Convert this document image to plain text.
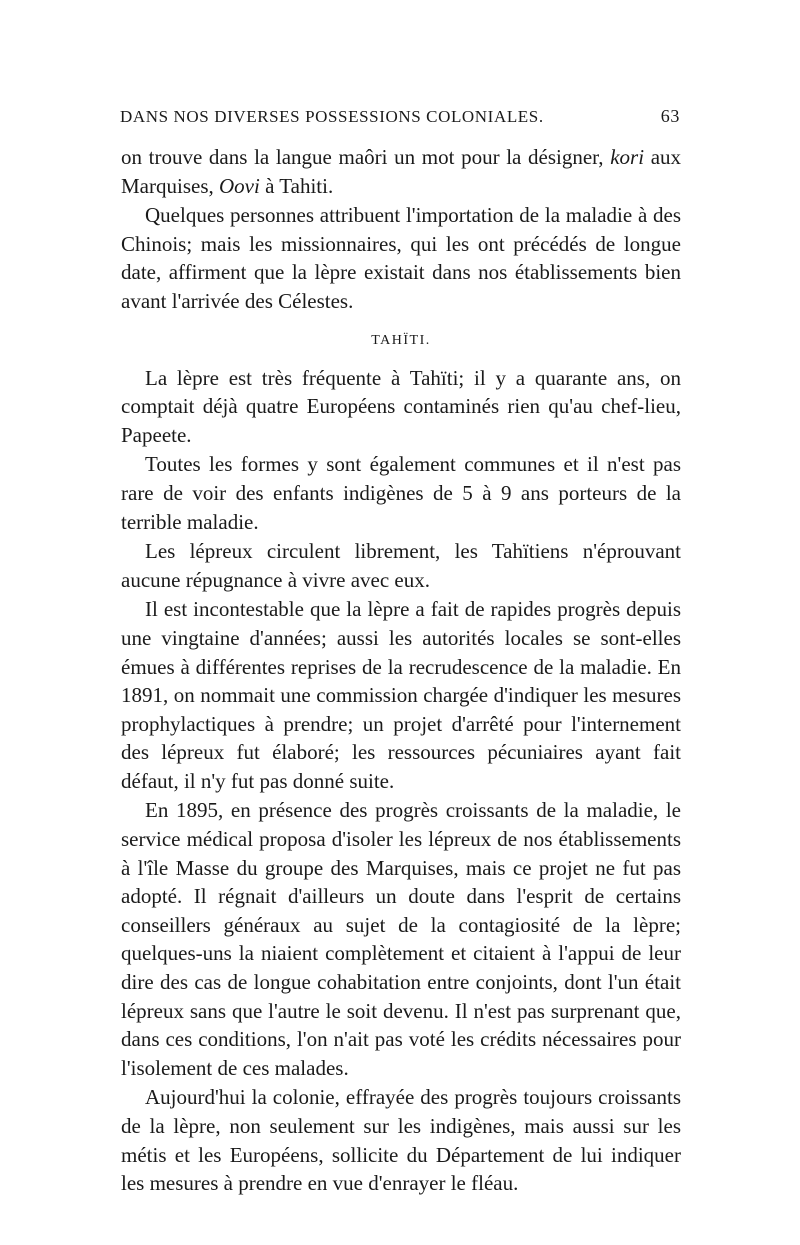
DANS NOS DIVERSES POSSESSIONS COLONIALES.	63

on trouve dans la langue maôri un mot pour la désigner, kori aux Marquises, Oovi à Tahiti.

Quelques personnes attribuent l'importation de la maladie à des Chinois; mais les missionnaires, qui les ont précédés de longue date, affirment que la lèpre existait dans nos établissements bien avant l'arrivée des Célestes.

TAHÏTI.

La lèpre est très fréquente à Tahïti; il y a quarante ans, on comptait déjà quatre Européens contaminés rien qu'au chef-lieu, Papeete.

Toutes les formes y sont également communes et il n'est pas rare de voir des enfants indigènes de 5 à 9 ans porteurs de la terrible maladie.

Les lépreux circulent librement, les Tahïtiens n'éprouvant aucune répugnance à vivre avec eux.

Il est incontestable que la lèpre a fait de rapides progrès depuis une vingtaine d'années; aussi les autorités locales se sont-elles émues à différentes reprises de la recrudescence de la maladie. En 1891, on nommait une commission chargée d'indiquer les mesures prophylactiques à prendre; un projet d'arrêté pour l'internement des lépreux fut élaboré; les ressources pécuniaires ayant fait défaut, il n'y fut pas donné suite.

En 1895, en présence des progrès croissants de la maladie, le service médical proposa d'isoler les lépreux de nos établissements à l'île Masse du groupe des Marquises, mais ce projet ne fut pas adopté. Il régnait d'ailleurs un doute dans l'esprit de certains conseillers généraux au sujet de la contagiosité de la lèpre; quelques-uns la niaient complètement et citaient à l'appui de leur dire des cas de longue cohabitation entre conjoints, dont l'un était lépreux sans que l'autre le soit devenu. Il n'est pas surprenant que, dans ces conditions, l'on n'ait pas voté les crédits nécessaires pour l'isolement de ces malades.

Aujourd'hui la colonie, effrayée des progrès toujours croissants de la lèpre, non seulement sur les indigènes, mais aussi sur les métis et les Européens, sollicite du Département de lui indiquer les mesures à prendre en vue d'enrayer le fléau.
